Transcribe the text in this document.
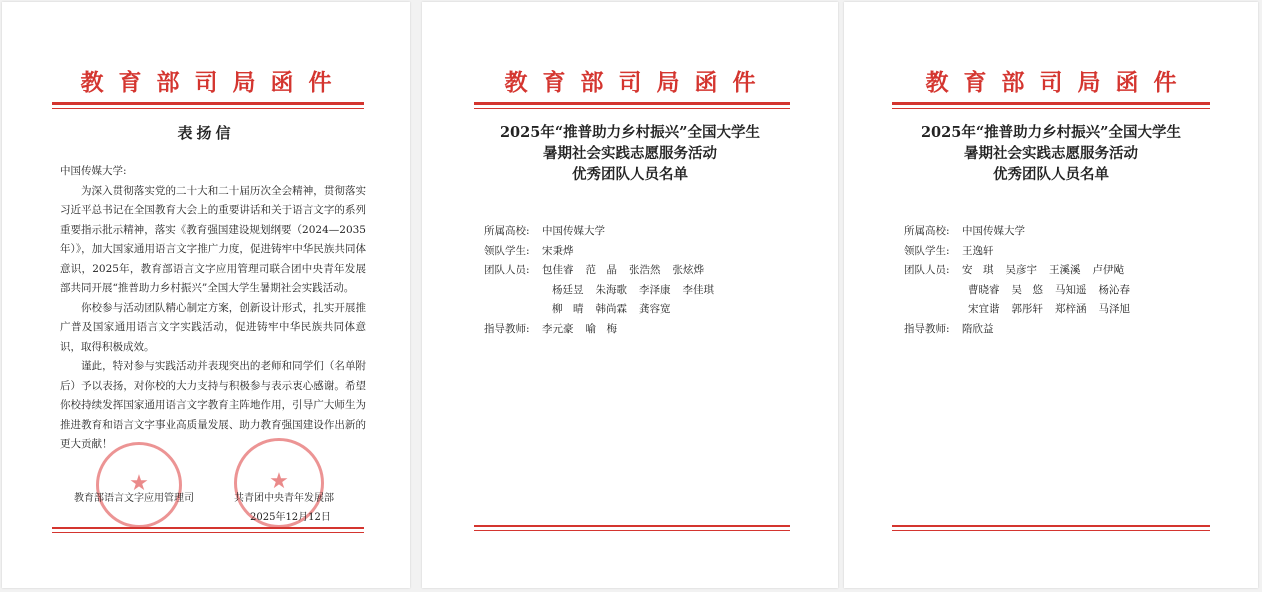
教育部司局函件
表扬信

中国传媒大学:

为深入贯彻落实党的二十大和二十届历次全会精神，贯彻落实习近平总书记在全国教育大会上的重要讲话和关于语言文字的系列重要指示批示精神，落实《教育强国建设规划纲要（2024—2035年）》，加大国家通用语言文字推广力度，促进铸牢中华民族共同体意识，2025年，教育部语言文字应用管理司联合团中央青年发展部共同开展“推普助力乡村振兴”全国大学生暑期社会实践活动。

你校参与活动团队精心制定方案，创新设计形式，扎实开展推广普及国家通用语言文字实践活动，促进铸牢中华民族共同体意识，取得积极成效。

谨此，特对参与实践活动并表现突出的老师和同学们（名单附后）予以表扬，对你校的大力支持与积极参与表示衷心感谢。希望你校持续发挥国家通用语言文字教育主阵地作用，引导广大师生为推进教育和语言文字事业高质量发展、助力教育强国建设作出新的更大贡献！

★	★
教育部语言文字应用管理司	共青团中央青年发展部
2025年12月12日
教育部司局函件
2025年“推普助力乡村振兴”全国大学生
暑期社会实践志愿服务活动
优秀团队人员名单
所属高校:	中国传媒大学
领队学生:	宋秉烨
团队人员:	包佳睿 范　晶 张浩然 张炫烨
杨廷昱 朱海歌 李泽康 李佳琪
柳　晴 韩尚霖 龚容宽
指导教师:	李元豪 喻　梅
教育部司局函件
2025年“推普助力乡村振兴”全国大学生
暑期社会实践志愿服务活动
优秀团队人员名单
所属高校:	中国传媒大学
领队学生:	王逸轩
团队人员:	安　琪 吴彦宇 王溪溪 卢伊飐
曹晓睿 吴　悠 马知遥 杨沁春
宋宜谐 郭彤轩 郑梓涵 马泽旭
指导教师:	隋欣益
